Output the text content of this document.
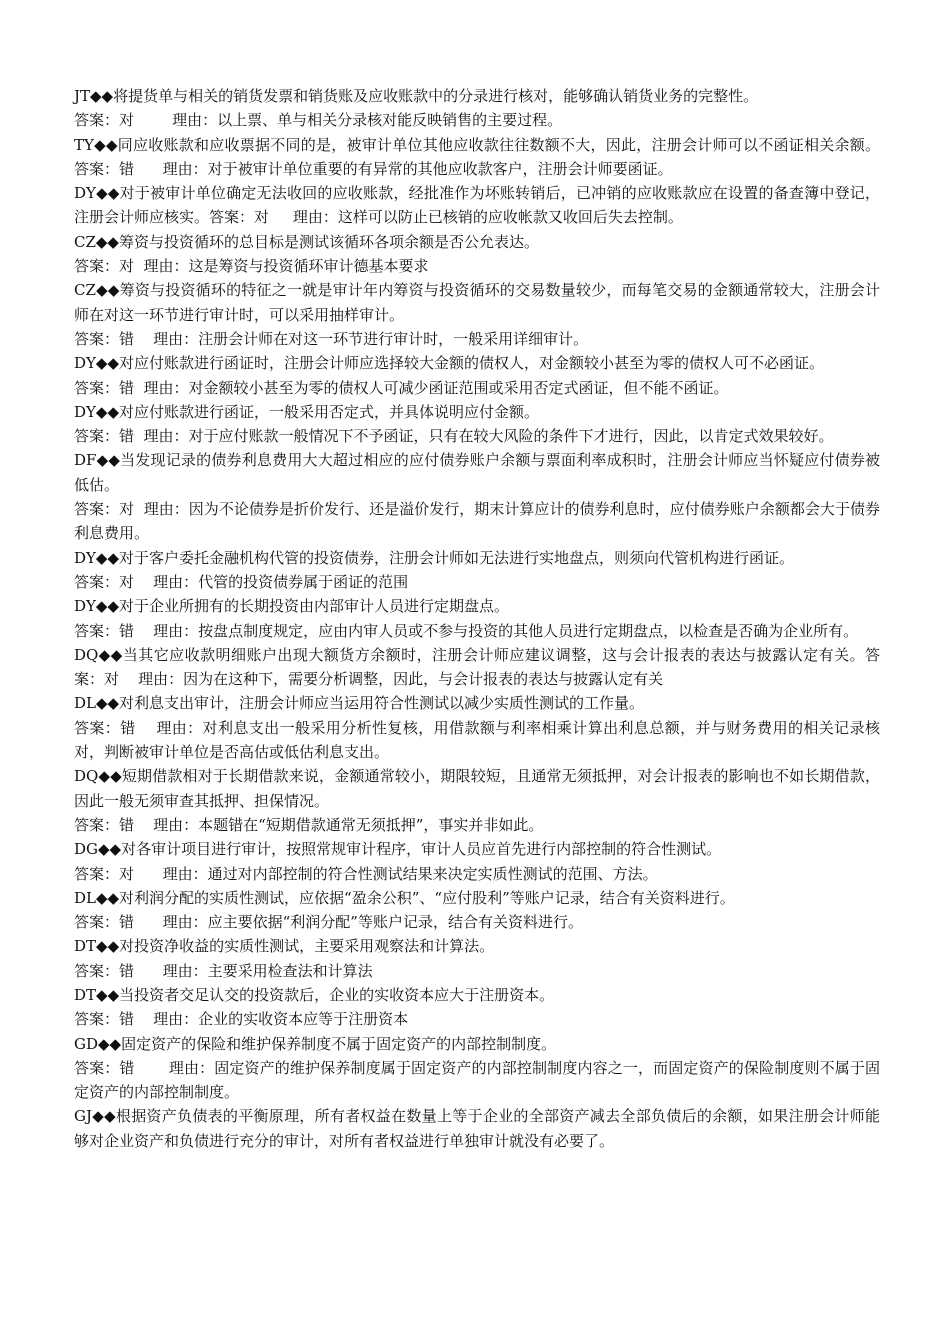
JT◆◆将提货单与相关的销货发票和销货账及应收账款中的分录进行核对，能够确认销货业务的完整性。

答案：对        理由：以上票、单与相关分录核对能反映销售的主要过程。

TY◆◆同应收账款和应收票据不同的是，被审计单位其他应收款往往数额不大，因此，注册会计师可以不函证相关余额。答案：错      理由：对于被审计单位重要的有异常的其他应收款客户，注册会计师要函证。

DY◆◆对于被审计单位确定无法收回的应收账款，经批准作为坏账转销后，已冲销的应收账款应在设置的备查簿中登记，注册会计师应核实。答案：对     理由：这样可以防止已核销的应收帐款又收回后失去控制。

CZ◆◆筹资与投资循环的总目标是测试该循环各项余额是否公允表达。

答案：对  理由：这是筹资与投资循环审计德基本要求

CZ◆◆筹资与投资循环的特征之一就是审计年内筹资与投资循环的交易数量较少，而每笔交易的金额通常较大，注册会计师在对这一环节进行审计时，可以采用抽样审计。

答案：错    理由：注册会计师在对这一环节进行审计时，一般采用详细审计。

DY◆◆对应付账款进行函证时，注册会计师应选择较大金额的债权人，对金额较小甚至为零的债权人可不必函证。

答案：错  理由：对金额较小甚至为零的债权人可减少函证范围或采用否定式函证，但不能不函证。

DY◆◆对应付账款进行函证，一般采用否定式，并具体说明应付金额。

答案：错  理由：对于应付账款一般情况下不予函证，只有在较大风险的条件下才进行，因此，以肯定式效果较好。

DF◆◆当发现记录的债券利息费用大大超过相应的应付债券账户余额与票面利率成积时，注册会计师应当怀疑应付债券被低估。

答案：对  理由：因为不论债券是折价发行、还是溢价发行，期末计算应计的债券利息时，应付债券账户余额都会大于债券利息费用。

DY◆◆对于客户委托金融机构代管的投资债券，注册会计师如无法进行实地盘点，则须向代管机构进行函证。

答案：对    理由：代管的投资债券属于函证的范围

DY◆◆对于企业所拥有的长期投资由内部审计人员进行定期盘点。

答案：错    理由：按盘点制度规定，应由内审人员或不参与投资的其他人员进行定期盘点，以检查是否确为企业所有。

DQ◆◆当其它应收款明细账户出现大额货方余额时，注册会计师应建议调整，这与会计报表的表达与披露认定有关。答案：对    理由：因为在这种下，需要分析调整，因此，与会计报表的表达与披露认定有关

DL◆◆对利息支出审计，注册会计师应当运用符合性测试以减少实质性测试的工作量。

答案：错    理由：对利息支出一般采用分析性复核，用借款额与利率相乘计算出利息总额，并与财务费用的相关记录核对，判断被审计单位是否高估或低估利息支出。

DQ◆◆短期借款相对于长期借款来说，金额通常较小，期限较短，且通常无须抵押，对会计报表的影响也不如长期借款，因此一般无须审查其抵押、担保情况。

答案：错    理由：本题错在“短期借款通常无须抵押”，事实并非如此。

DG◆◆对各审计项目进行审计，按照常规审计程序，审计人员应首先进行内部控制的符合性测试。

答案：对      理由：通过对内部控制的符合性测试结果来决定实质性测试的范围、方法。

DL◆◆对利润分配的实质性测试，应依据“盈余公积”、“应付股利”等账户记录，结合有关资料进行。

答案：错      理由：应主要依据“利润分配”等账户记录，结合有关资料进行。

DT◆◆对投资净收益的实质性测试，主要采用观察法和计算法。

答案：错      理由：主要采用检查法和计算法

DT◆◆当投资者交足认交的投资款后，企业的实收资本应大于注册资本。

答案：错    理由：企业的实收资本应等于注册资本

GD◆◆固定资产的保险和维护保养制度不属于固定资产的内部控制制度。

答案：错       理由：固定资产的维护保养制度属于固定资产的内部控制制度内容之一，而固定资产的保险制度则不属于固定资产的内部控制制度。

GJ◆◆根据资产负债表的平衡原理，所有者权益在数量上等于企业的全部资产减去全部负债后的余额，如果注册会计师能够对企业资产和负债进行充分的审计，对所有者权益进行单独审计就没有必要了。
